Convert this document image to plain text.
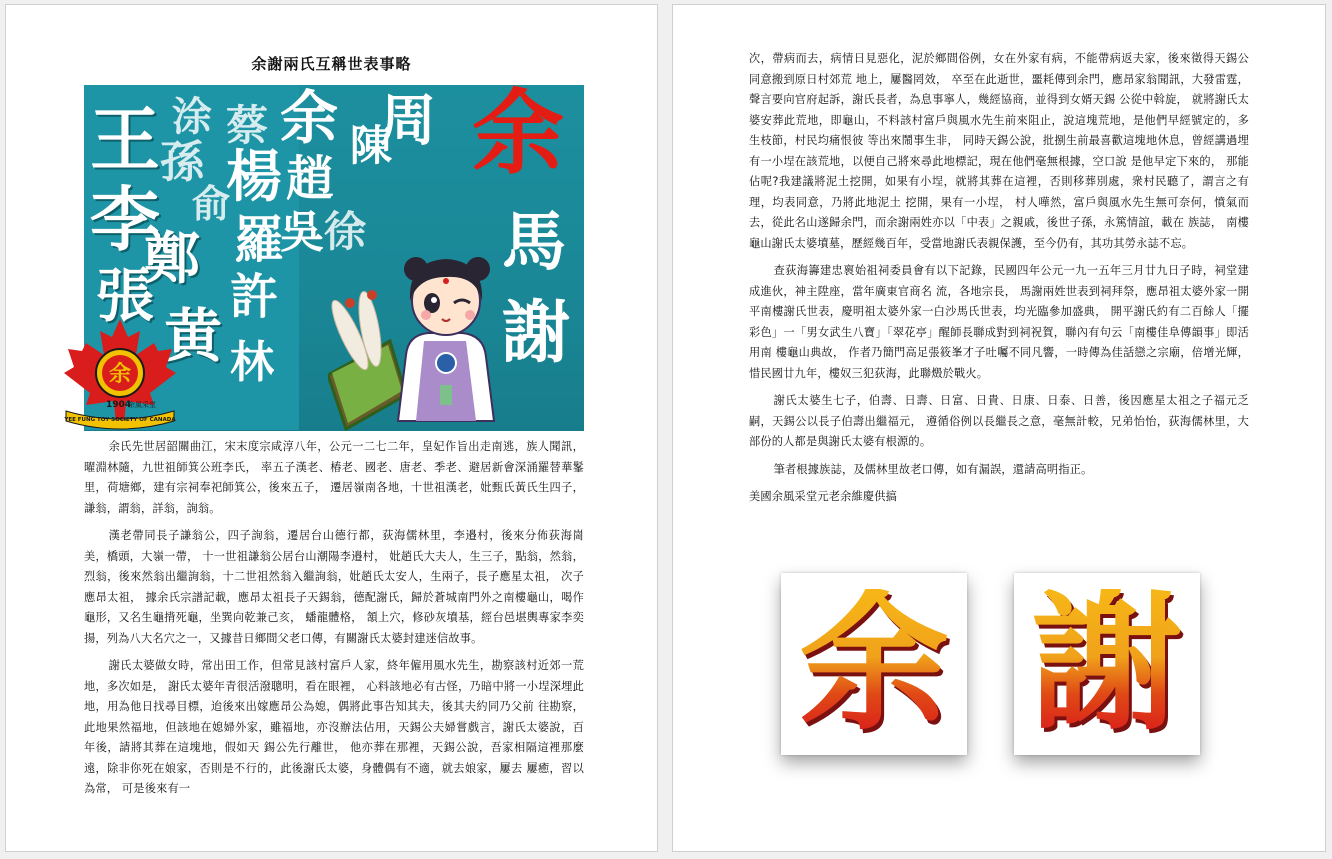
余謝兩氏互稱世表事略
王
李
張
涂
孫
俞
鄭
黄
蔡
楊
羅
許
林
余
趙
吳
陳
徐
周 余
馬
謝
余
1904
余風采堂
YEE FUNG TOY SOCIETY OF CANADA

余氏先世居韶關曲江，宋末度宗咸淳八年，公元一二七二年，皇妃作旨出走南逃，族人聞訊，曜淵林隨，九世祖師箕公班李氏， 率五子漢老、椿老、國老、唐老、季老、避居新會深涌羅替華髼里，荷塘鄉，建有宗祠奉祀師箕公，後來五子， 遷居嶺南各地，十世祖漢老，妣甄氏黃氏生四子，謙翁，謂翁，詳翁，詢翁。

漢老帶同長子謙翁公，四子詢翁，遷居台山德行都，荻海儒林里，李邉村，後來分佈荻海崗美，橋頭，大嶺一帶， 十一世祖謙翁公居台山潮陽李邉村， 妣趙氏大夫人，生三子，點翁，然翁，烈翁，後來然翁出繼詢翁，十二世祖然翁入繼詢翁，妣趙氏太安人，生兩子，長子應星太祖， 次子應昂太祖， 據余氏宗譜記載，應昂太祖長子天錫翁，德配謝氏，歸於蒼城南門外之南樓龜山，喝作龜形，又名生龜揹死龜，坐巽向乾兼己亥， 蟠龍體格， 頷上穴，修砂灰墳基，經台邑堪輿專家李奕揚，列為八大名穴之一，又據昔日鄉間父老口傳，有關謝氏太婆封建迷信故事。

謝氏太婆做女時，常出田工作，但常見該村富戶人家，終年僱用風水先生，勘察該村近郊一荒地，多次如是， 謝氏太婆年青很活潑聰明，看在眼裡， 心料該地必有古怪，乃暗中將一小埕深埋此地，用為他日找尋目標，迨後來出嫁應昂公為媳，偶將此事告知其夫，後其夫約同乃父前 往勘察， 此地果然福地，但該地在媳婦外家，雖福地，亦沒辦法佔用，天錫公夫婦嘗戲言，謝氏太婆說，百年後，請將其葬在這塊地，假如天 錫公先行離世， 他亦葬在那裡，天錫公說，吾家相隔這裡那麼遠，除非你死在娘家，否則是不行的，此後謝氏太婆，身體偶有不適，就去娘家，屢去 屢癒，習以為常， 可是後來有一

次，帶病而去，病情日見惡化，泥於鄉間俗例，女在外家有病，不能帶病返夫家，後來徵得天錫公同意搬到原日村郊荒 地上，屢醫罔效， 卒至在此逝世，噩耗傳到余門，應昂家翁聞訊，大發雷霆，聲言要向官府起訴，謝氏長者，為息事寧人，幾經協商，並得到女婿天錫 公從中斡旋， 就將謝氏太婆安葬此荒地，即龜山，不料該村富戶與風水先生前來阻止，說這塊荒地，是他們早經號定的，多生枝節，村民均痛恨彼 等出來鬧事生非， 同時天錫公說，批捌生前最喜歡這塊地休息，曾經講過埋有一小埕在該荒地，以便自己將來尋此地標記，現在他們毫無根據，空口說 是他早定下來的， 那能佔呢?我建議將泥土挖開，如果有小埕，就將其葬在這裡，否則移葬別處，衆村民聽了，謂言之有理，均表同意，乃將此地泥土 挖開，果有一小埕， 村人嘩然，富戶與風水先生無可奈何，憤氣而去，從此名山遂歸余門，而余謝兩姓亦以「中表」之親戚，後世子孫，永篤情誼，載在 族誌， 南樓龜山謝氏太婆墳墓，歷經幾百年，受當地謝氏表親保護，至今仍有，其功其勞永誌不忘。

查荻海籌建忠褱始祖祠委員會有以下記錄，民國四年公元一九一五年三月廿九日子時，祠堂建成進伙，神主陞座，當年廣東官商名 流，各地宗長， 馬謝兩姓世表到祠拜祭，應昂祖太婆外家一開平南樓謝氏世表，慶明祖太婆外家一白沙馬氏世表，均光臨參加盛典， 開平謝氏約有二百餘人「擺彩色」一「男女武生八寶」「翠花亭」醒師長聯成對到祠祝賀，聯內有句云「南樓佳阜傳韻事」即活用南 樓龜山典故， 作者乃簡門高足張筱峯才子吐囑不同凡響，一時傳為佳話戀之宗廟，倍增光輝，惜民國廿九年，樓奴三犯荻海，此聯燬於戰火。

謝氏太婆生七子，伯壽、日壽、日富、日貴、日康、日泰、日善，後因應星太祖之子福元乏嗣，天錫公以長子伯壽出繼福元， 遵循俗例以長繼長之意，毫無計較，兄弟怡怡，荻海儒林里，大部份的人都是與謝氏太婆有根源的。

筆者根據族誌，及儒林里故老口傳，如有漏誤，還請高明指正。

美國余風采堂元老余維慶供搞

余 謝
